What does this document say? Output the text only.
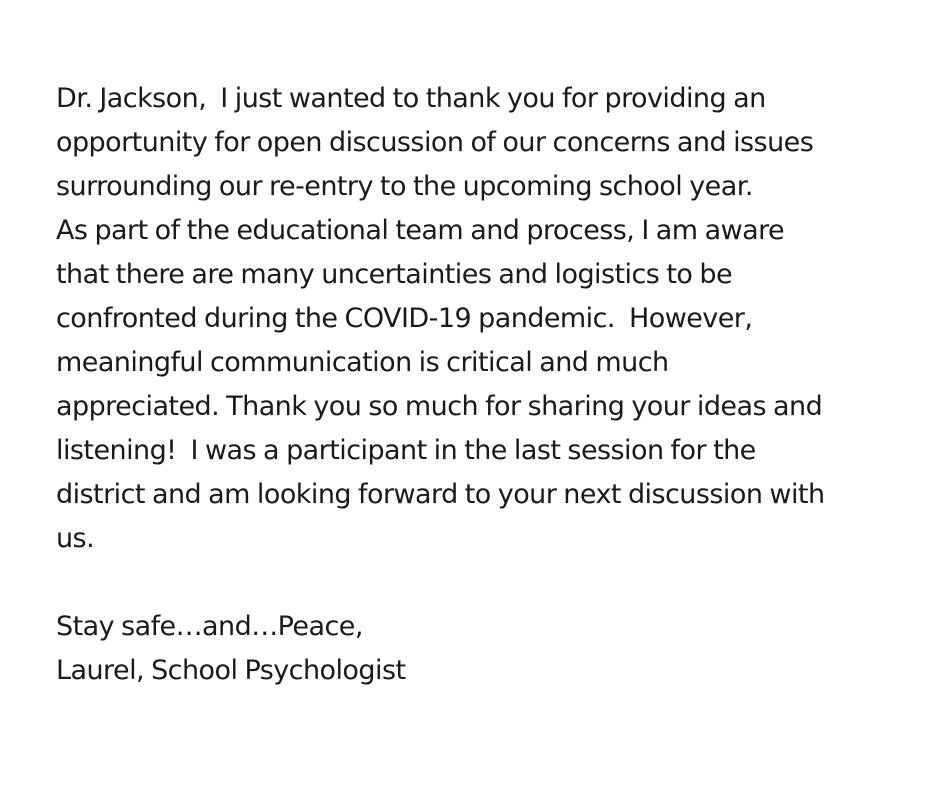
Dr. Jackson,  I just wanted to thank you for providing an
opportunity for open discussion of our concerns and issues
surrounding our re-entry to the upcoming school year.
As part of the educational team and process, I am aware
that there are many uncertainties and logistics to be
confronted during the COVID-19 pandemic.  However,
meaningful communication is critical and much
appreciated. Thank you so much for sharing your ideas and
listening!  I was a participant in the last session for the
district and am looking forward to your next discussion with
us.
Stay safe…and…Peace,
Laurel, School Psychologist
